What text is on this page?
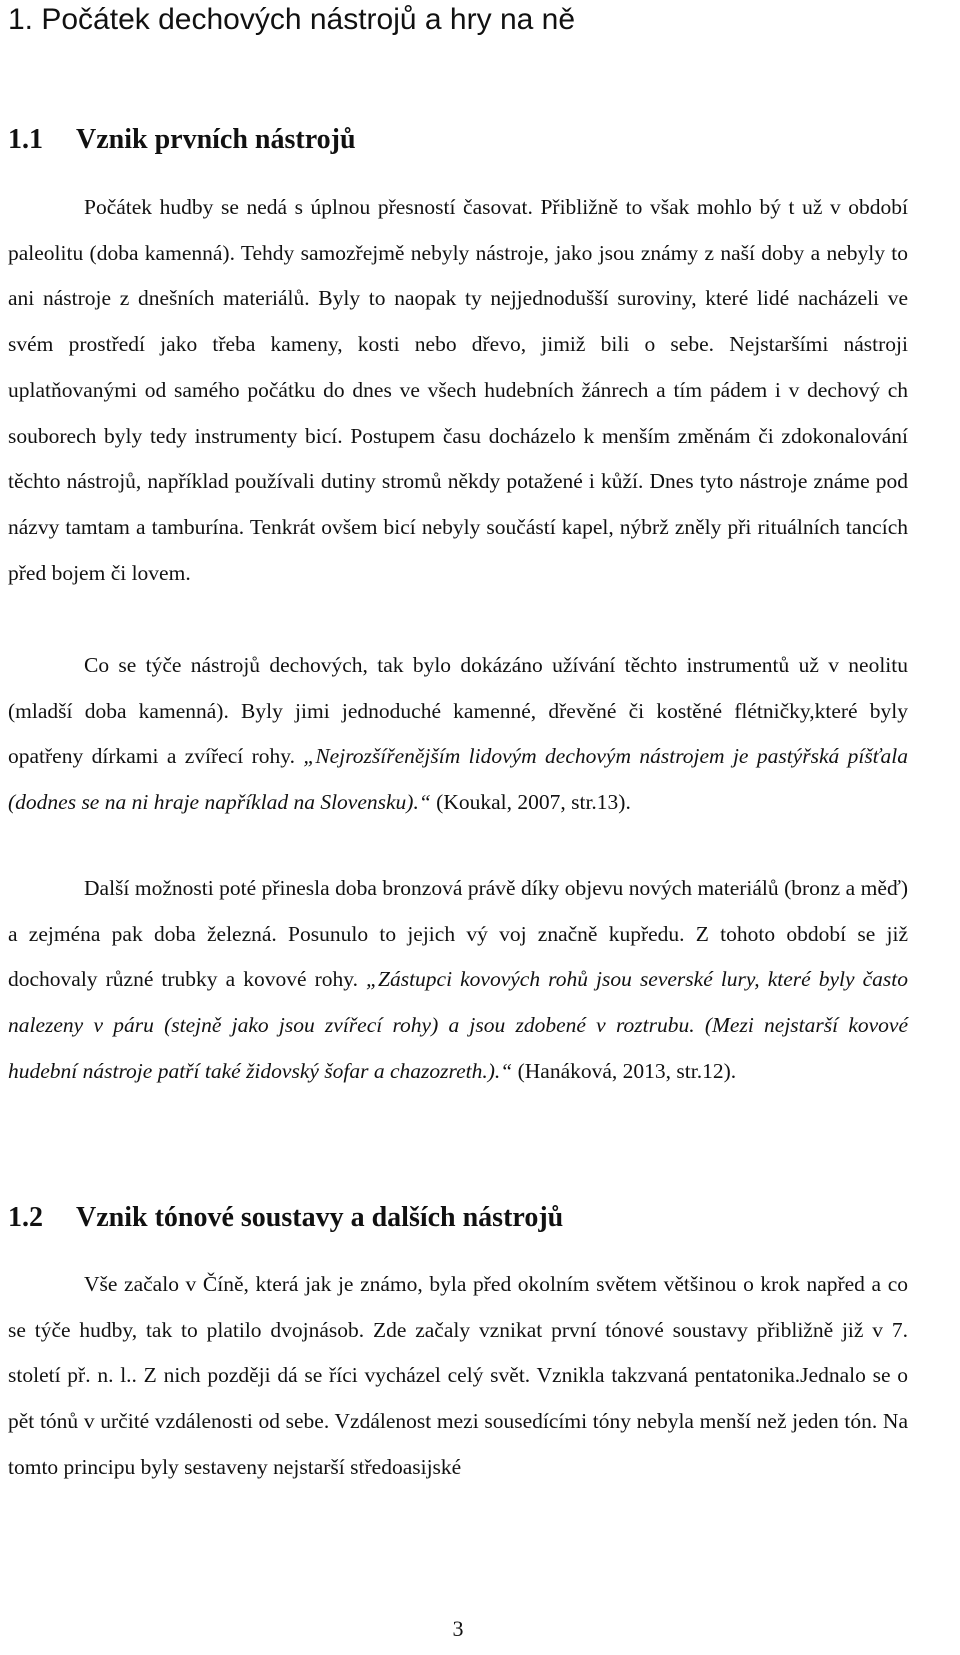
1. Počátek dechových nástrojů a hry na ně
1.1 Vznik prvních nástrojů
Počátek hudby se nedá s úplnou přesností časovat. Přibližně to však mohlo bý t už v období paleolitu (doba kamenná). Tehdy samozřejmě nebyly nástroje, jako jsou známy z naší doby a nebyly to ani nástroje z dnešních materiálů. Byly to naopak ty nejjednodušší suroviny, které lidé nacházeli ve svém prostředí jako třeba kameny, kosti nebo dřevo, jimiž bili o sebe. Nejstaršími nástroji uplatňovanými od samého počátku do dnes ve všech hudebních žánrech a tím pádem i v dechový ch souborech byly tedy instrumenty bicí. Postupem času docházelo k menším změnám či zdokonalování těchto nástrojů, například používali dutiny stromů někdy potažené i kůží. Dnes tyto nástroje známe pod názvy tamtam a tamburína. Tenkrát ovšem bicí nebyly součástí kapel, nýbrž zněly při rituálních tancích před bojem či lovem.
Co se týče nástrojů dechových, tak bylo dokázáno užívání těchto instrumentů už v neolitu (mladší doba kamenná). Byly jimi jednoduché kamenné, dřevěné či kostěné flétničky,které byly opatřeny dírkami a zvířecí rohy. „Nejrozšířenějším lidovým dechovým nástrojem je pastýřská píšťala (dodnes se na ni hraje například na Slovensku).“ (Koukal, 2007, str.13).
Další možnosti poté přinesla doba bronzová právě díky objevu nových materiálů (bronz a měď) a zejména pak doba železná. Posunulo to jejich vý voj značně kupředu. Z tohoto období se již dochovaly různé trubky a kovové rohy. „Zástupci kovových rohů jsou severské lury, které byly často nalezeny v páru (stejně jako jsou zvířecí rohy) a jsou zdobené v roztrubu. (Mezi nejstarší kovové hudební nástroje patří také židovský šofar a chazozreth.).“ (Hanáková, 2013, str.12).
1.2 Vznik tónové soustavy a dalších nástrojů
Vše začalo v Číně, která jak je známo, byla před okolním světem většinou o krok napřed a co se týče hudby, tak to platilo dvojnásob. Zde začaly vznikat první tónové soustavy přibližně již v 7. století př. n. l.. Z nich později dá se říci vycházel celý svět. Vznikla takzvaná pentatonika.Jednalo se o pět tónů v určité vzdálenosti od sebe. Vzdálenost mezi sousedícími tóny nebyla menší než jeden tón. Na tomto principu byly sestaveny nejstarší středoasijské
3
